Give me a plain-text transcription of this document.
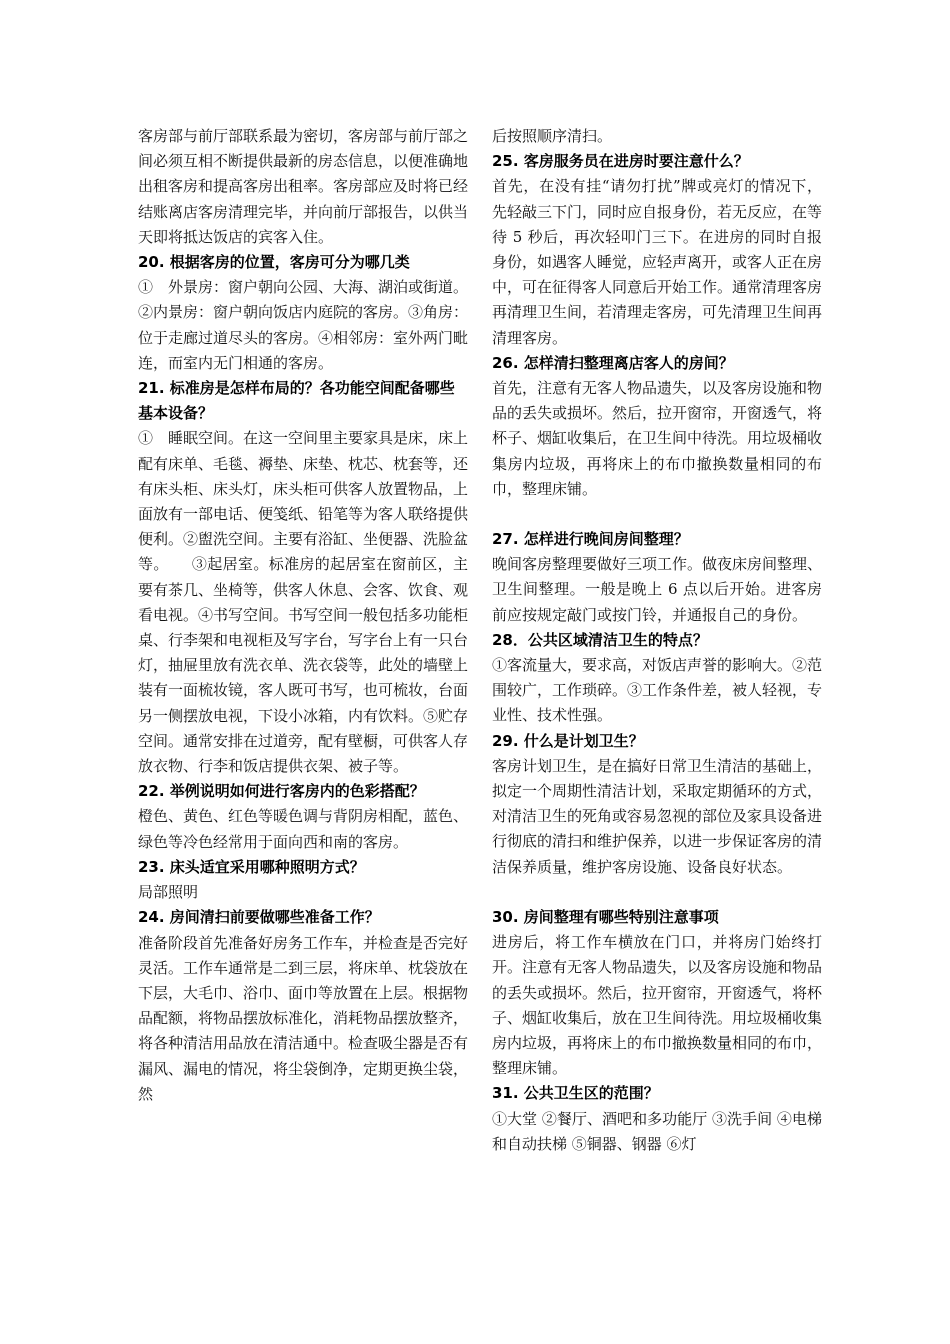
客房部与前厅部联系最为密切，客房部与前厅部之间必须互相不断提供最新的房态信息，以便准确地出租客房和提高客房出租率。客房部应及时将已经结账离店客房清理完毕，并向前厅部报告，以供当天即将抵达饭店的宾客入住。

20. 根据客房的位置，客房可分为哪几类

①　外景房：窗户朝向公园、大海、湖泊或街道。②内景房：窗户朝向饭店内庭院的客房。③角房：位于走廊过道尽头的客房。④相邻房：室外两门毗连，而室内无门相通的客房。

21. 标准房是怎样布局的？各功能空间配备哪些基本设备？

①　睡眠空间。在这一空间里主要家具是床，床上配有床单、毛毯、褥垫、床垫、枕芯、枕套等，还有床头柜、床头灯，床头柜可供客人放置物品，上面放有一部电话、便笺纸、铅笔等为客人联络提供便利。②盥洗空间。主要有浴缸、坐便器、洗脸盆等。　　③起居室。标准房的起居室在窗前区，主要有茶几、坐椅等，供客人休息、会客、饮食、观看电视。④书写空间。书写空间一般包括多功能柜桌、行李架和电视柜及写字台，写字台上有一只台灯，抽屉里放有洗衣单、洗衣袋等，此处的墙壁上装有一面梳妆镜，客人既可书写，也可梳妆，台面另一侧摆放电视，下设小冰箱，内有饮料。⑤贮存空间。通常安排在过道旁，配有壁橱，可供客人存放衣物、行李和饭店提供衣架、被子等。

22. 举例说明如何进行客房内的色彩搭配？

橙色、黄色、红色等暖色调与背阴房相配，蓝色、绿色等冷色经常用于面向西和南的客房。

23. 床头适宜采用哪种照明方式？

局部照明

24. 房间清扫前要做哪些准备工作？

准备阶段首先准备好房务工作车，并检查是否完好灵活。工作车通常是二到三层，将床单、枕袋放在下层，大毛巾、浴巾、面巾等放置在上层。根据物品配额，将物品摆放标准化，消耗物品摆放整齐，将各种清洁用品放在清洁通中。检查吸尘器是否有漏风、漏电的情况，将尘袋倒净，定期更换尘袋，然

后按照顺序清扫。

25. 客房服务员在进房时要注意什么？

首先，在没有挂“请勿打扰”牌或亮灯的情况下，先轻敲三下门，同时应自报身份，若无反应，在等待 5 秒后，再次轻叩门三下。在进房的同时自报身份，如遇客人睡觉，应轻声离开，或客人正在房中，可在征得客人同意后开始工作。通常清理客房再清理卫生间，若清理走客房，可先清理卫生间再清理客房。

26. 怎样清扫整理离店客人的房间？

首先，注意有无客人物品遗失，以及客房设施和物品的丢失或损坏。然后，拉开窗帘，开窗透气，将杯子、烟缸收集后，在卫生间中待洗。用垃圾桶收集房内垃圾，再将床上的布巾撤换数量相同的布巾，整理床铺。

27. 怎样进行晚间房间整理？

晚间客房整理要做好三项工作。做夜床房间整理、卫生间整理。一般是晚上 6 点以后开始。进客房前应按规定敲门或按门铃，并通报自己的身份。

28．公共区域清洁卫生的特点？

①客流量大，要求高，对饭店声誉的影响大。②范围较广，工作琐碎。③工作条件差，被人轻视，专业性、技术性强。

29. 什么是计划卫生？

客房计划卫生，是在搞好日常卫生清洁的基础上，拟定一个周期性清洁计划，采取定期循环的方式，对清洁卫生的死角或容易忽视的部位及家具设备进行彻底的清扫和维护保养，以进一步保证客房的清洁保养质量，维护客房设施、设备良好状态。

30. 房间整理有哪些特别注意事项

进房后，将工作车横放在门口，并将房门始终打开。注意有无客人物品遗失，以及客房设施和物品的丢失或损坏。然后，拉开窗帘，开窗透气，将杯子、烟缸收集后，放在卫生间待洗。用垃圾桶收集房内垃圾，再将床上的布巾撤换数量相同的布巾，整理床铺。

31. 公共卫生区的范围？

①大堂 ②餐厅、酒吧和多功能厅 ③洗手间 ④电梯和自动扶梯 ⑤铜器、钢器 ⑥灯
